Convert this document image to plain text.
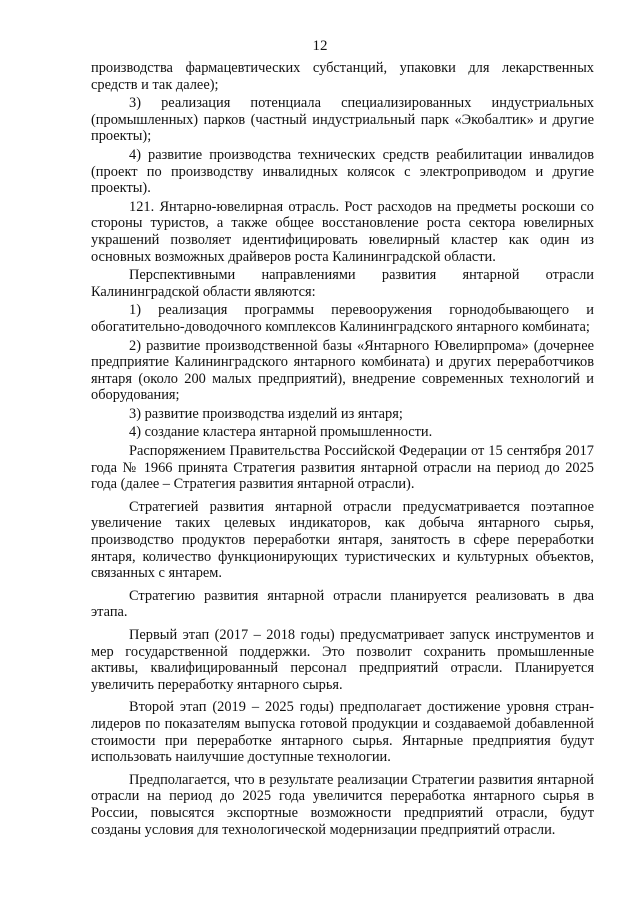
12

производства фармацевтических субстанций, упаковки для лекарственных средств и так далее);

3) реализация потенциала специализированных индустриальных (промышленных) парков (частный индустриальный парк «Экобалтик» и другие проекты);

4) развитие производства технических средств реабилитации инвалидов (проект по производству инвалидных колясок с электроприводом и другие проекты).

121. Янтарно-ювелирная отрасль. Рост расходов на предметы роскоши со стороны туристов, а также общее восстановление роста сектора ювелирных украшений позволяет идентифицировать ювелирный кластер как один из основных возможных драйверов роста Калининградской области.

Перспективными направлениями развития янтарной отрасли Калининградской области являются:

1) реализация программы перевооружения горнодобывающего и обогатительно-доводочного комплексов Калининградского янтарного комбината;

2) развитие производственной базы «Янтарного Ювелирпрома» (дочернее предприятие Калининградского янтарного комбината) и других переработчиков янтаря (около 200 малых предприятий), внедрение современных технологий и оборудования;

3) развитие производства изделий из янтаря;

4) создание кластера янтарной промышленности.

Распоряжением Правительства Российской Федерации от 15 сентября 2017 года № 1966 принята Стратегия развития янтарной отрасли на период до 2025 года (далее – Стратегия развития янтарной отрасли).

Стратегией развития янтарной отрасли предусматривается поэтапное увеличение таких целевых индикаторов, как добыча янтарного сырья, производство продуктов переработки янтаря, занятость в сфере переработки янтаря, количество функционирующих туристических и культурных объектов, связанных с янтарем.

Стратегию развития янтарной отрасли планируется реализовать в два этапа.

Первый этап (2017 – 2018 годы) предусматривает запуск инструментов и мер государственной поддержки. Это позволит сохранить промышленные активы, квалифицированный персонал предприятий отрасли. Планируется увеличить переработку янтарного сырья.

Второй этап (2019 – 2025 годы) предполагает достижение уровня стран-лидеров по показателям выпуска готовой продукции и создаваемой добавленной стоимости при переработке янтарного сырья. Янтарные предприятия будут использовать наилучшие доступные технологии.

Предполагается, что в результате реализации Стратегии развития янтарной отрасли на период до 2025 года увеличится переработка янтарного сырья в России, повысятся экспортные возможности предприятий отрасли, будут созданы условия для технологической модернизации предприятий отрасли.
